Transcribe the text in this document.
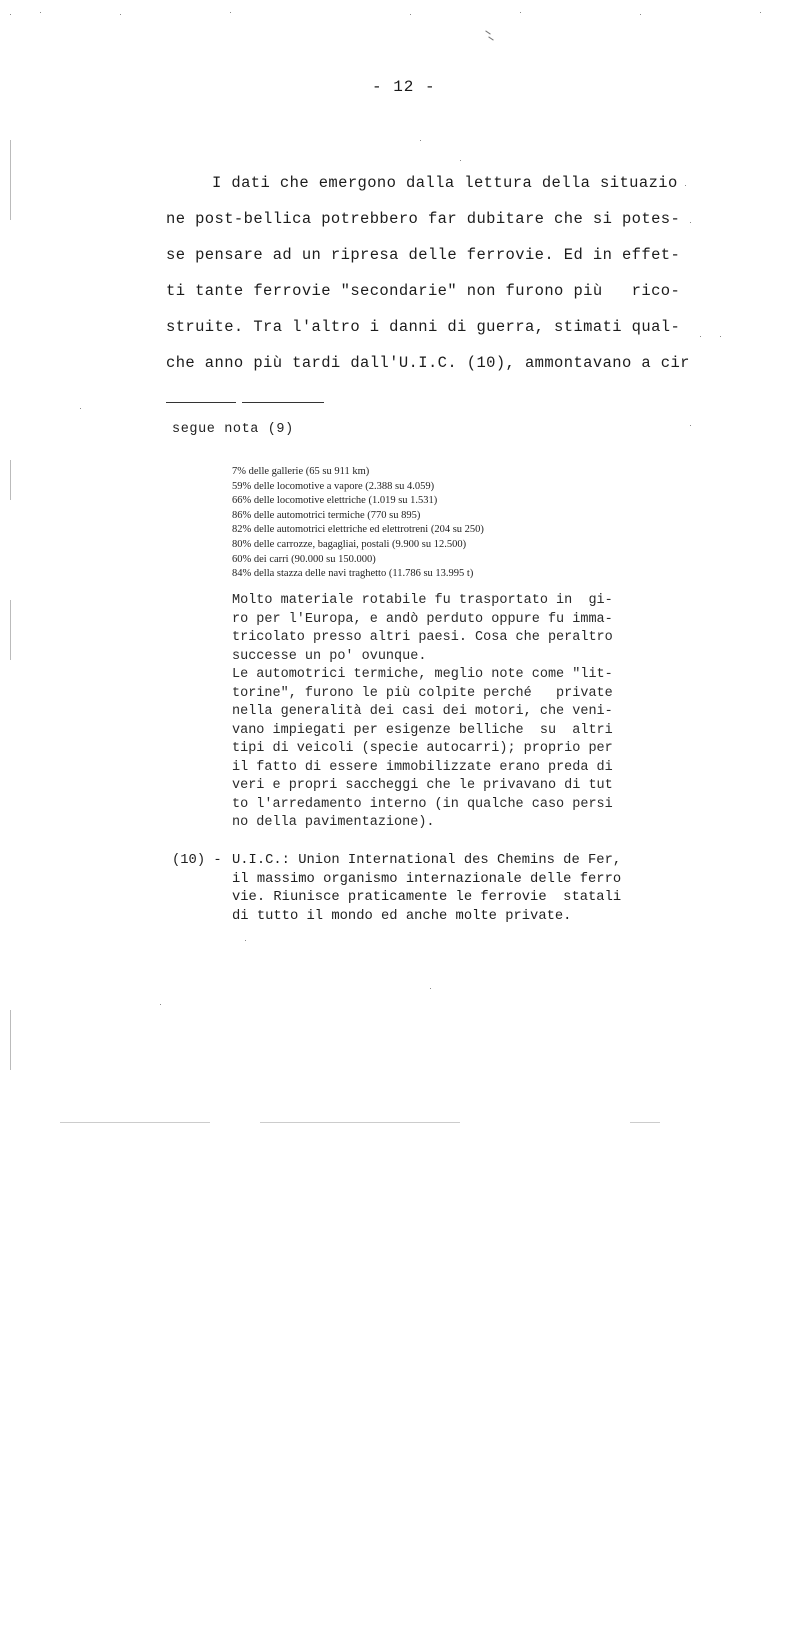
- 12 -
I dati che emergono dalla lettura della situazio
ne post-bellica potrebbero far dubitare che si potes-
se pensare ad un ripresa delle ferrovie. Ed in effet-
ti tante ferrovie "secondarie" non furono più   rico-
struite. Tra l'altro i danni di guerra, stimati qual-
che anno più tardi dall'U.I.C. (10), ammontavano a cir
segue nota (9)
7% delle gallerie (65 su 911 km)
59% delle locomotive a vapore (2.388 su 4.059)
66% delle locomotive elettriche (1.019 su 1.531)
86% delle automotrici termiche (770 su 895)
82% delle automotrici elettriche ed elettrotreni (204 su 250)
80% delle carrozze, bagagliai, postali (9.900 su 12.500)
60% dei carri (90.000 su 150.000)
84% della stazza delle navi traghetto (11.786 su 13.995 t)
Molto materiale rotabile fu trasportato in  gi-
ro per l'Europa, e andò perduto oppure fu imma-
tricolato presso altri paesi. Cosa che peraltro
successe un po' ovunque.
Le automotrici termiche, meglio note come "lit-
torine", furono le più colpite perché   private
nella generalità dei casi dei motori, che veni-
vano impiegati per esigenze belliche  su  altri
tipi di veicoli (specie autocarri); proprio per
il fatto di essere immobilizzate erano preda di
veri e propri saccheggi che le privavano di tut
to l'arredamento interno (in qualche caso persi
no della pavimentazione).
(10) - U.I.C.: Union International des Chemins de Fer,
il massimo organismo internazionale delle ferro
vie. Riunisce praticamente le ferrovie  statali
di tutto il mondo ed anche molte private.
